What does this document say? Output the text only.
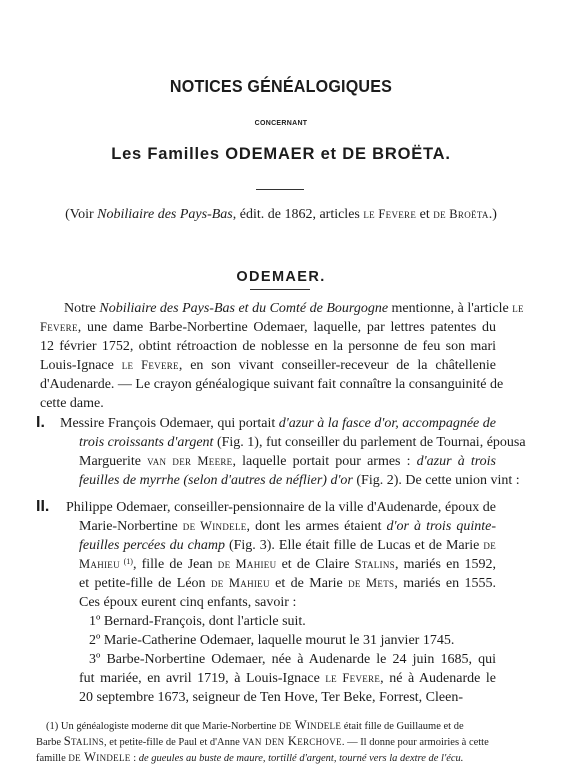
NOTICES GÉNÉALOGIQUES
CONCERNANT
Les Familles ODEMAER et DE BROËTA.
(Voir Nobiliaire des Pays-Bas, édit. de 1862, articles le Fevere et de Broëta.)
ODEMAER.
Notre Nobiliaire des Pays-Bas et du Comté de Bourgogne mentionne, à l'article le
Fevere, une dame Barbe-Norbertine Odemaer, laquelle, par lettres patentes du
12 février 1752, obtint rétroaction de noblesse en la personne de feu son mari
Louis-Ignace le Fevere, en son vivant conseiller-receveur de la châtellenie
d'Audenarde. — Le crayon généalogique suivant fait connaître la consanguinité de
cette dame.
I. Messire François Odemaer, qui portait d'azur à la fasce d'or, accompagnée de
trois croissants d'argent (Fig. 1), fut conseiller du parlement de Tournai, épousa
Marguerite van der Meere, laquelle portait pour armes : d'azur à trois
feuilles de myrrhe (selon d'autres de néflier) d'or (Fig. 2). De cette union vint :
II. Philippe Odemaer, conseiller-pensionnaire de la ville d'Audenarde, époux de
Marie-Norbertine de Windele, dont les armes étaient d'or à trois quinte-
feuilles percées du champ (Fig. 3). Elle était fille de Lucas et de Marie de
Mahieu $^{(1)}$, fille de Jean de Mahieu et de Claire Stalins, mariés en 1592,
et petite-fille de Léon de Mahieu et de Marie de Mets, mariés en 1555.
Ces époux eurent cinq enfants, savoir :
1º Bernard-François, dont l'article suit.
2º Marie-Catherine Odemaer, laquelle mourut le 31 janvier 1745.
3º Barbe-Norbertine Odemaer, née à Audenarde le 24 juin 1685, qui
fut mariée, en avril 1719, à Louis-Ignace le Fevere, né à Audenarde le
20 septembre 1673, seigneur de Ten Hove, Ter Beke, Forrest, Cleen-
(1) Un généalogiste moderne dit que Marie-Norbertine de Windele était fille de Guillaume et de
Barbe Stalins, et petite-fille de Paul et d'Anne van den Kerchove. — Il donne pour armoiries à cette
famille de Windele : de gueules au buste de maure, tortillé d'argent, tourné vers la dextre de l'écu.
